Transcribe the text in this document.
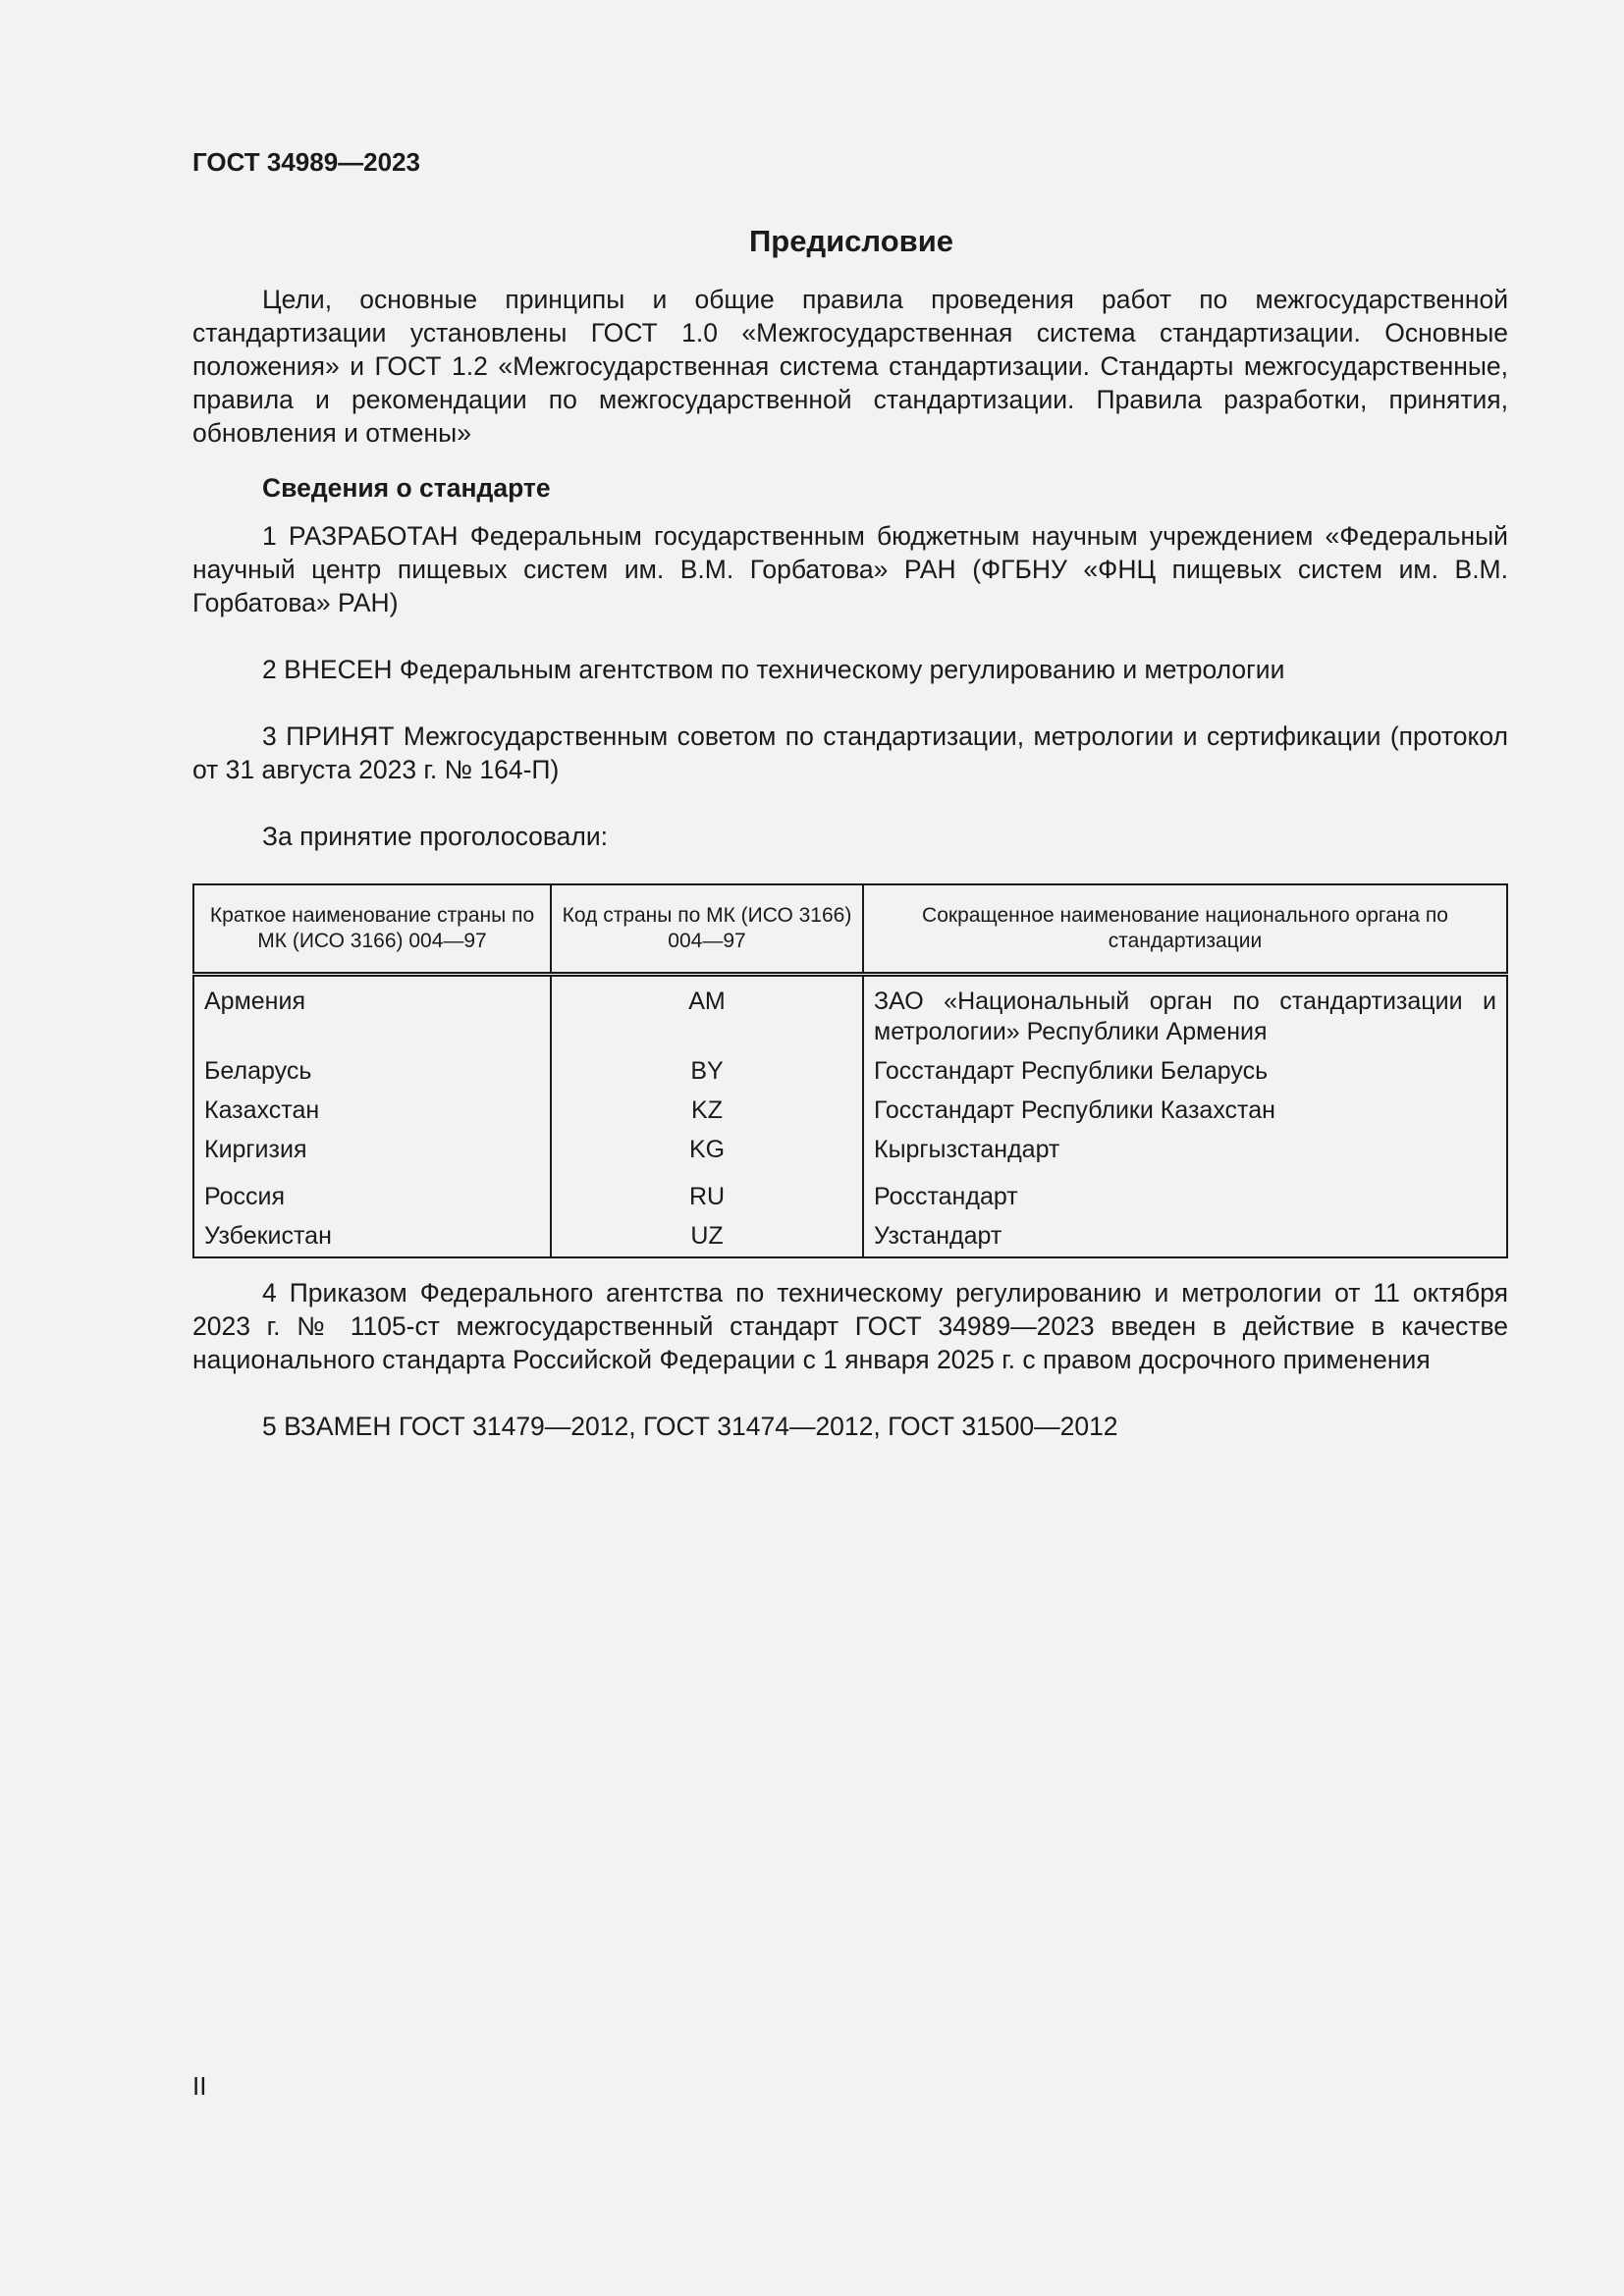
ГОСТ 34989—2023
Предисловие

Цели, основные принципы и общие правила проведения работ по межгосударственной стандартизации установлены ГОСТ 1.0 «Межгосударственная система стандартизации. Основные положения» и ГОСТ 1.2 «Межгосударственная система стандартизации. Стандарты межгосударственные, правила и рекомендации по межгосударственной стандартизации. Правила разработки, принятия, обновления и отмены»

Сведения о стандарте

1 РАЗРАБОТАН Федеральным государственным бюджетным научным учреждением «Федеральный научный центр пищевых систем им. В.М. Горбатова» РАН (ФГБНУ «ФНЦ пищевых систем им. В.М. Горбатова» РАН)

2 ВНЕСЕН Федеральным агентством по техническому регулированию и метрологии

3 ПРИНЯТ Межгосударственным советом по стандартизации, метрологии и сертификации (протокол от 31 августа 2023 г. № 164-П)

За принятие проголосовали:

Краткое наименование страны по МК (ИСО 3166) 004—97	Код страны по МК (ИСО 3166) 004—97	Сокращенное наименование национального органа по стандартизации
Армения	AM	ЗАО «Национальный орган по стандартизации и метрологии» Республики Армения
Беларусь	BY	Госстандарт Республики Беларусь
Казахстан	KZ	Госстандарт Республики Казахстан
Киргизия	KG	Кыргызстандарт
Россия	RU	Росстандарт
Узбекистан	UZ	Узстандарт

4 Приказом Федерального агентства по техническому регулированию и метрологии от 11 октября 2023 г. № 1105-ст межгосударственный стандарт ГОСТ 34989—2023 введен в действие в качестве национального стандарта Российской Федерации с 1 января 2025 г. с правом досрочного применения

5 ВЗАМЕН ГОСТ 31479—2012, ГОСТ 31474—2012, ГОСТ 31500—2012

II
